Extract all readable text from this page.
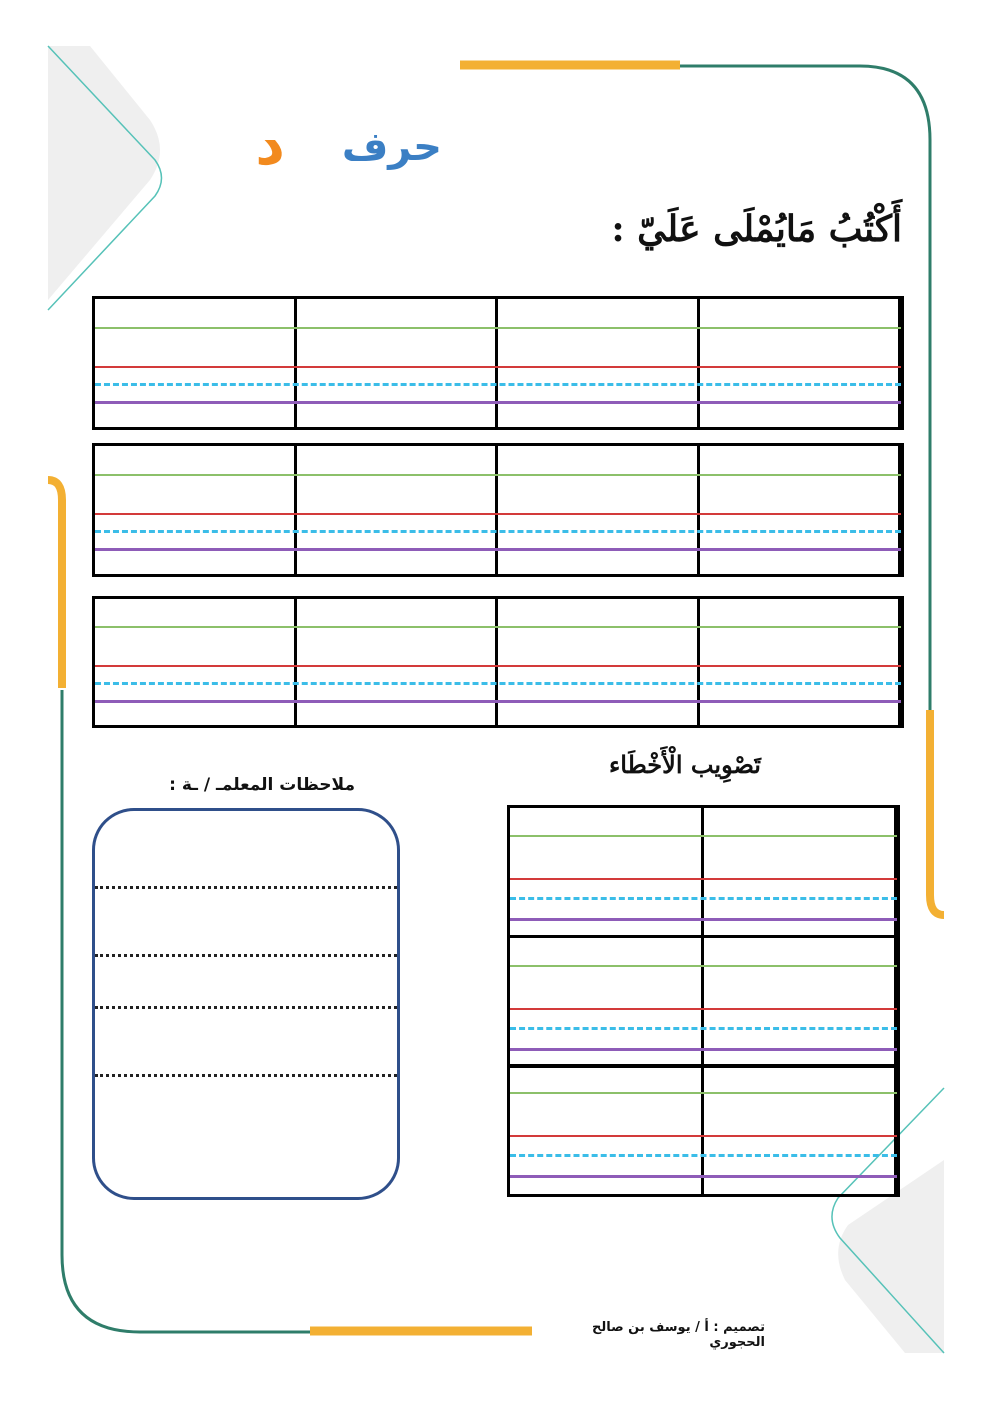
حرف
د
أَكْتُبُ مَايُمْلَى عَلَيّ :
تَصْوِيب الْأَخْطَاء
ملاحظات المعلمـ / ـة :
تصميم : أ / يوسف بن صالح الحجوري
